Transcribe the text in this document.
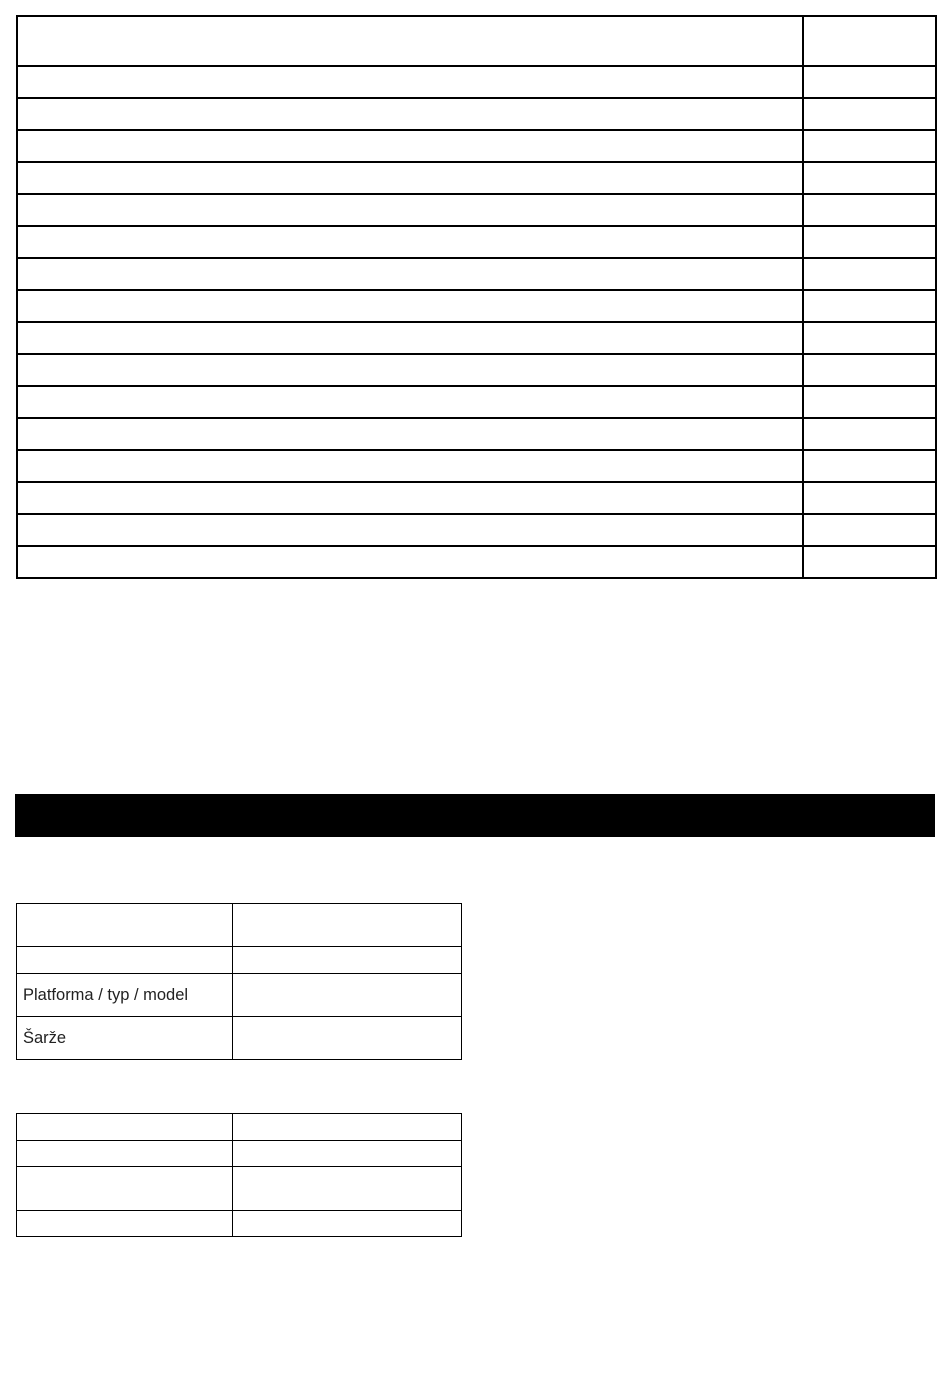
Platforma / typ / model	
Šarže	
